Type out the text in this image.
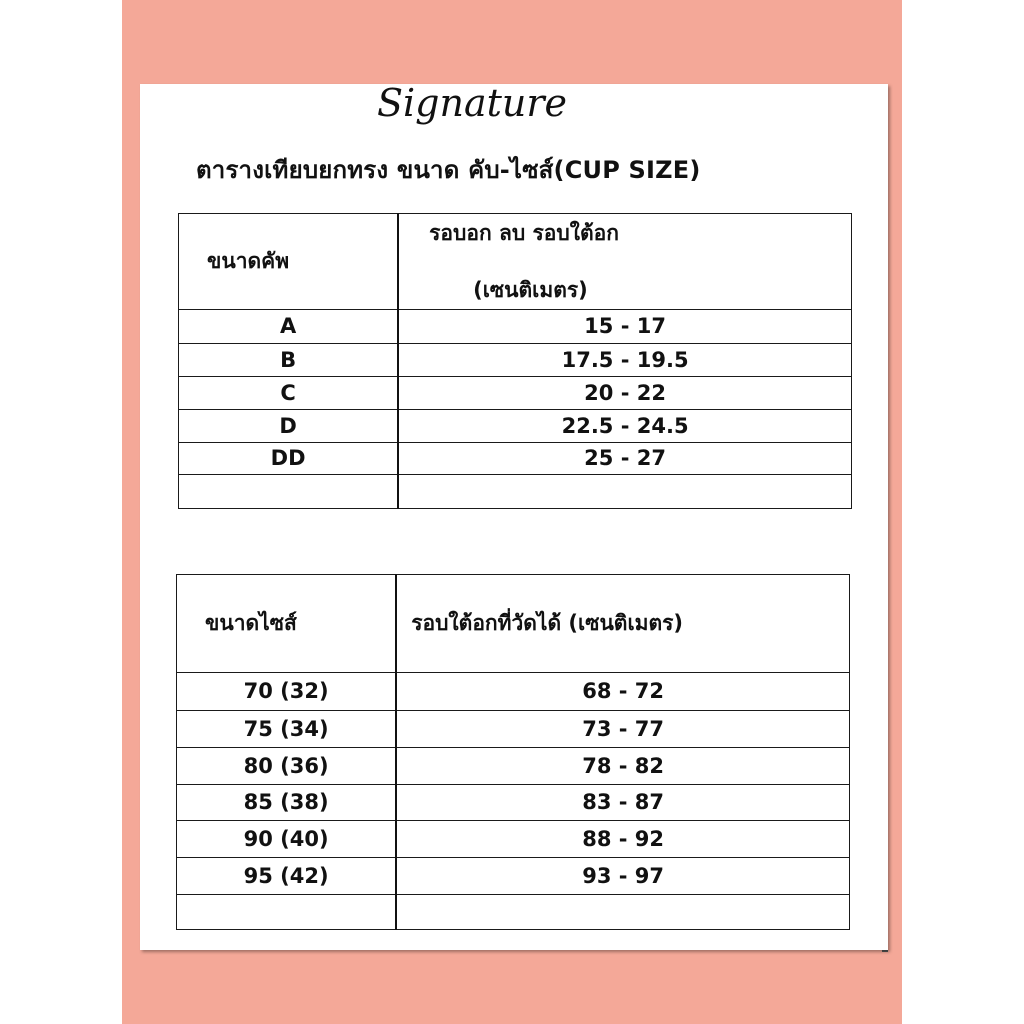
Signature
ตารางเทียบยกทรง ขนาด คับ-ไซส์(CUP SIZE)
ขนาดคัพ	รอบอก ลบ รอบใต้อก
(เซนติเมตร)

A	15 - 17
B	17.5 - 19.5
C	20 - 22
D	22.5 - 24.5
DD	25 - 27

ขนาดไซส์	รอบใต้อกที่วัดได้ (เซนติเมตร)
70 (32)	68 - 72
75 (34)	73 - 77
80 (36)	78 - 82
85 (38)	83 - 87
90 (40)	88 - 92
95 (42)	93 - 97
